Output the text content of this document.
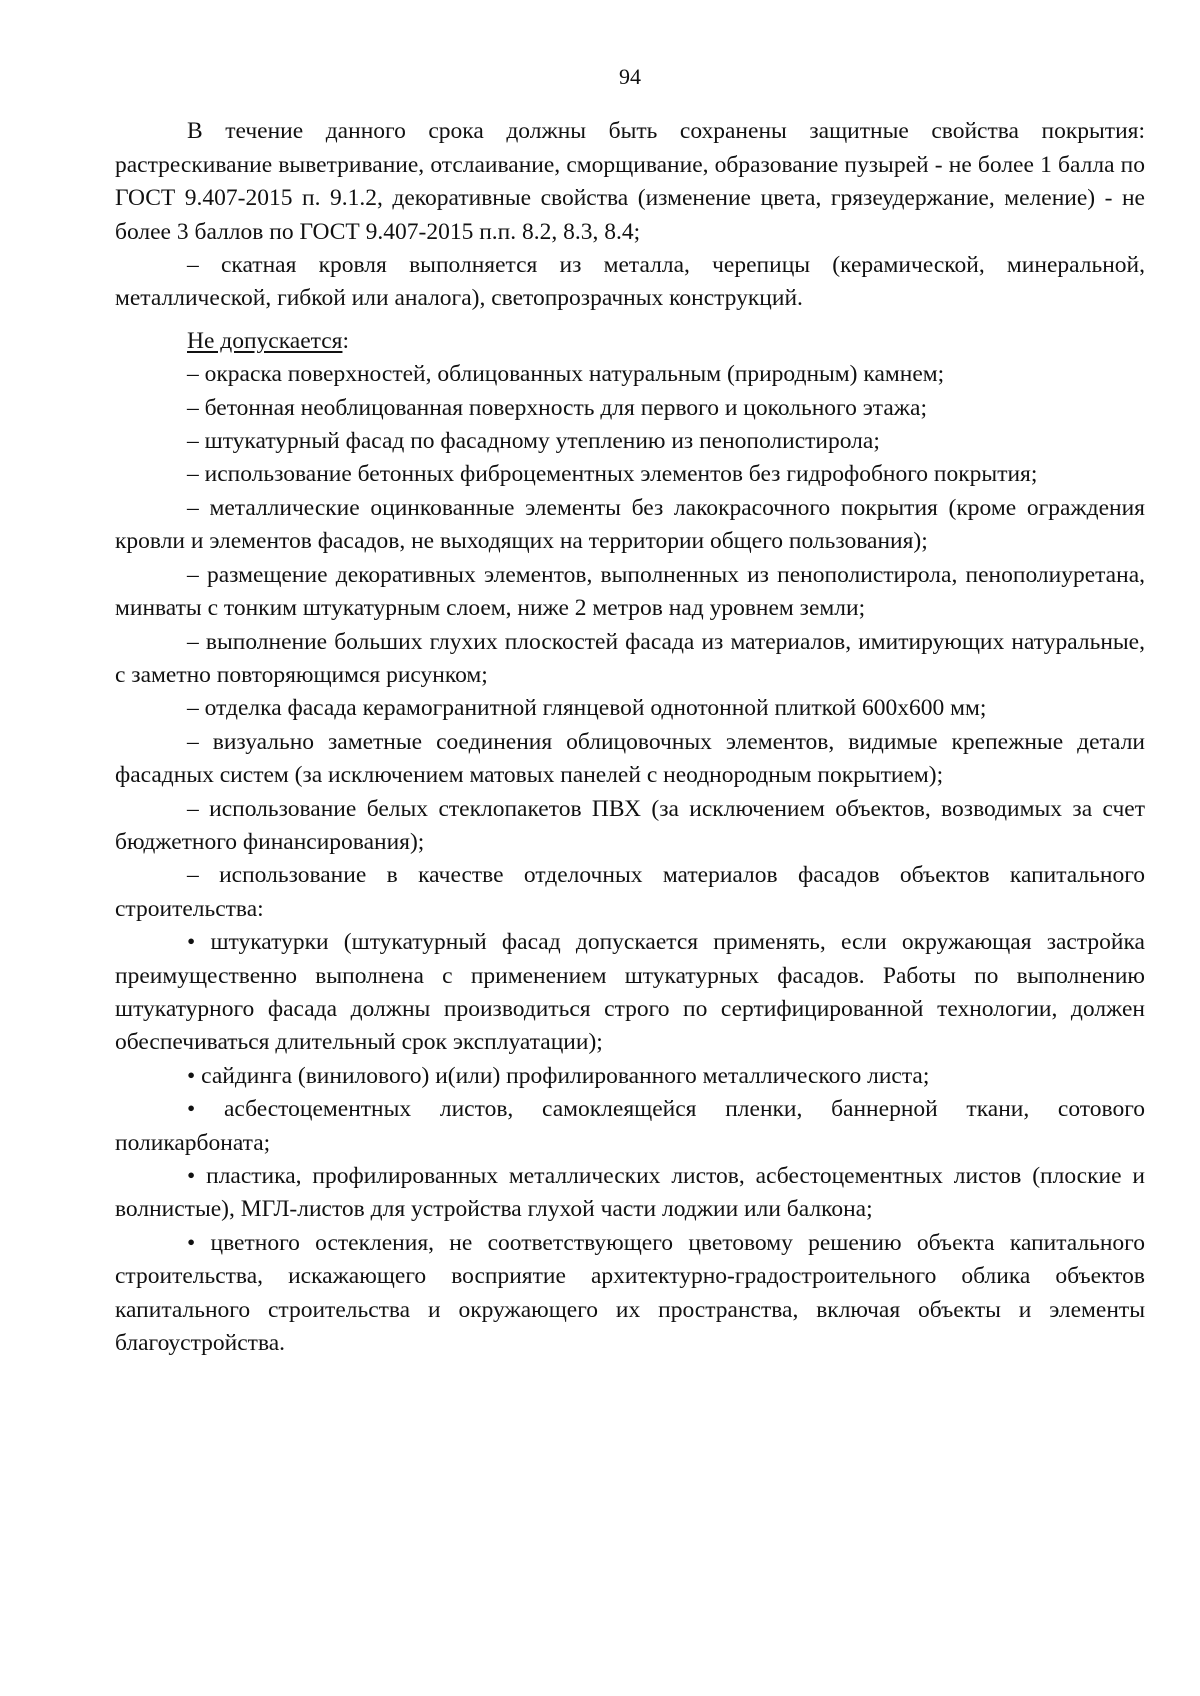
94

В течение данного срока должны быть сохранены защитные свойства покрытия: растрескивание выветривание, отслаивание, сморщивание, образование пузырей - не более 1 балла по ГОСТ 9.407-2015 п. 9.1.2, декоративные свойства (изменение цвета, грязеудержание, меление) - не более 3 баллов по ГОСТ 9.407-2015 п.п. 8.2, 8.3, 8.4;

– скатная кровля выполняется из металла, черепицы (керамической, минеральной, металлической, гибкой или аналога), светопрозрачных конструкций.

Не допускается:

– окраска поверхностей, облицованных натуральным (природным) камнем;

– бетонная необлицованная поверхность для первого и цокольного этажа;

– штукатурный фасад по фасадному утеплению из пенополистирола;

– использование бетонных фиброцементных элементов без гидрофобного покрытия;

– металлические оцинкованные элементы без лакокрасочного покрытия (кроме ограждения кровли и элементов фасадов, не выходящих на территории общего пользования);

– размещение декоративных элементов, выполненных из пенополистирола, пенополиуретана, минваты с тонким штукатурным слоем, ниже 2 метров над уровнем земли;

– выполнение больших глухих плоскостей фасада из материалов, имитирующих натуральные, с заметно повторяющимся рисунком;

– отделка фасада керамогранитной глянцевой однотонной плиткой 600х600 мм;

– визуально заметные соединения облицовочных элементов, видимые крепежные детали фасадных систем (за исключением матовых панелей с неоднородным покрытием);

– использование белых стеклопакетов ПВХ (за исключением объектов, возводимых за счет бюджетного финансирования);

– использование в качестве отделочных материалов фасадов объектов капитального строительства:

• штукатурки (штукатурный фасад допускается применять, если окружающая застройка преимущественно выполнена с применением штукатурных фасадов. Работы по выполнению штукатурного фасада должны производиться строго по сертифицированной технологии, должен обеспечиваться длительный срок эксплуатации);

• сайдинга (винилового) и(или) профилированного металлического листа;

• асбестоцементных листов, самоклеящейся пленки, баннерной ткани, сотового поликарбоната;

• пластика, профилированных металлических листов, асбестоцементных листов (плоские и волнистые), МГЛ-листов для устройства глухой части лоджии или балкона;

• цветного остекления, не соответствующего цветовому решению объекта капитального строительства, искажающего восприятие архитектурно-градостроительного облика объектов капитального строительства и окружающего их пространства, включая объекты и элементы благоустройства.
